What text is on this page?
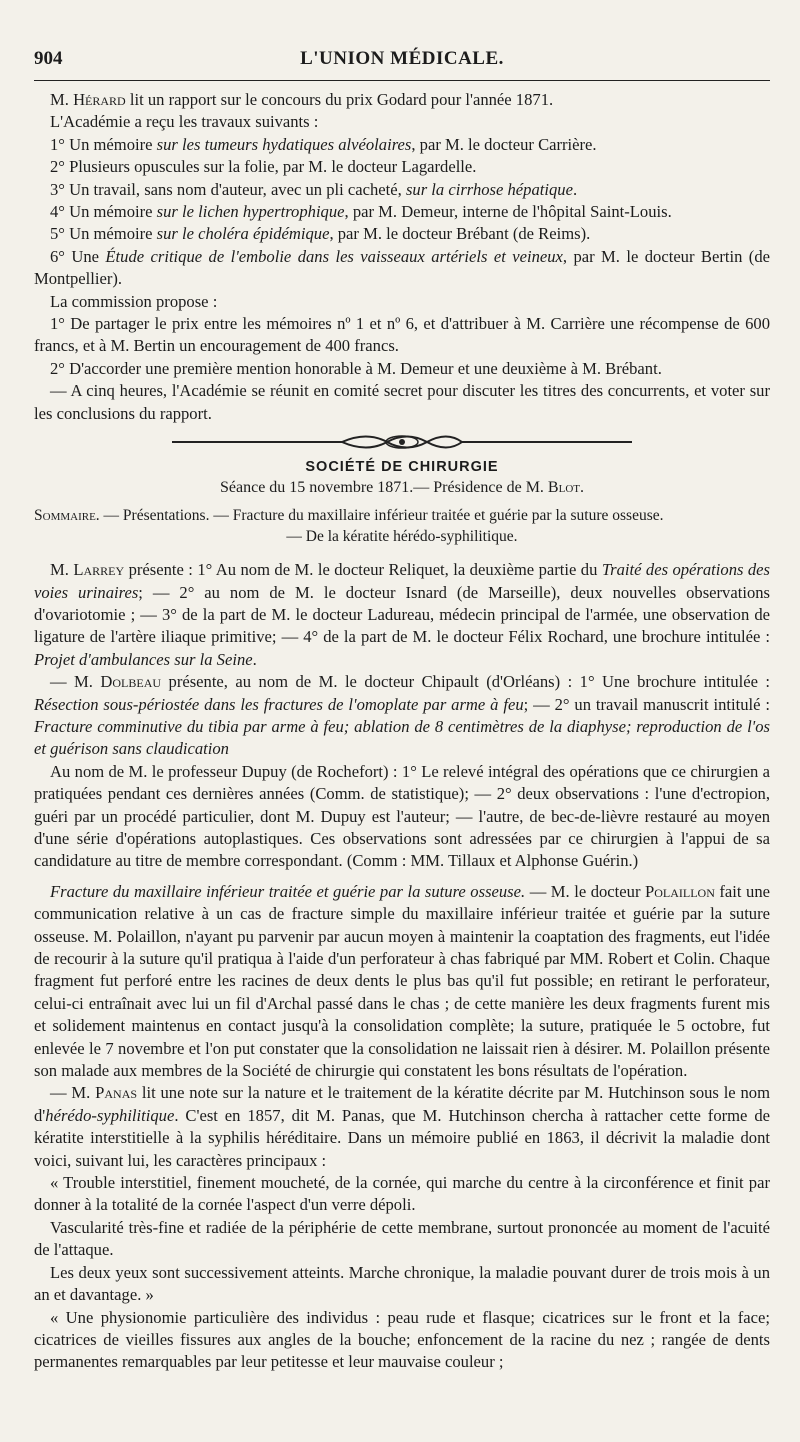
904	L'UNION MÉDICALE.

M. Hérard lit un rapport sur le concours du prix Godard pour l'année 1871.

L'Académie a reçu les travaux suivants :

1° Un mémoire sur les tumeurs hydatiques alvéolaires, par M. le docteur Carrière.

2° Plusieurs opuscules sur la folie, par M. le docteur Lagardelle.

3° Un travail, sans nom d'auteur, avec un pli cacheté, sur la cirrhose hépatique.

4° Un mémoire sur le lichen hypertrophique, par M. Demeur, interne de l'hôpital Saint-Louis.

5° Un mémoire sur le choléra épidémique, par M. le docteur Brébant (de Reims).

6° Une Étude critique de l'embolie dans les vaisseaux artériels et veineux, par M. le docteur Bertin (de Montpellier).

La commission propose :

1° De partager le prix entre les mémoires nº 1 et nº 6, et d'attribuer à M. Carrière une récompense de 600 francs, et à M. Bertin un encouragement de 400 francs.

2° D'accorder une première mention honorable à M. Demeur et une deuxième à M. Brébant.

— A cinq heures, l'Académie se réunit en comité secret pour discuter les titres des concurrents, et voter sur les conclusions du rapport.

SOCIÉTÉ DE CHIRURGIE
Séance du 15 novembre 1871.— Présidence de M. Blot.
Sommaire. — Présentations. — Fracture du maxillaire inférieur traitée et guérie par la suture osseuse.
— De la kératite hérédo-syphilitique.

M. Larrey présente : 1° Au nom de M. le docteur Reliquet, la deuxième partie du Traité des opérations des voies urinaires; — 2° au nom de M. le docteur Isnard (de Marseille), deux nouvelles observations d'ovariotomie ; — 3° de la part de M. le docteur Ladureau, médecin principal de l'armée, une observation de ligature de l'artère iliaque primitive; — 4° de la part de M. le docteur Félix Rochard, une brochure intitulée : Projet d'ambulances sur la Seine.

— M. Dolbeau présente, au nom de M. le docteur Chipault (d'Orléans) : 1° Une brochure intitulée : Résection sous-périostée dans les fractures de l'omoplate par arme à feu; — 2° un travail manuscrit intitulé : Fracture comminutive du tibia par arme à feu; ablation de 8 centimètres de la diaphyse; reproduction de l'os et guérison sans claudication

Au nom de M. le professeur Dupuy (de Rochefort) : 1° Le relevé intégral des opérations que ce chirurgien a pratiquées pendant ces dernières années (Comm. de statistique); — 2° deux observations : l'une d'ectropion, guéri par un procédé particulier, dont M. Dupuy est l'auteur; — l'autre, de bec-de-lièvre restauré au moyen d'une série d'opérations autoplastiques. Ces observations sont adressées par ce chirurgien à l'appui de sa candidature au titre de membre correspondant. (Comm : MM. Tillaux et Alphonse Guérin.)

Fracture du maxillaire inférieur traitée et guérie par la suture osseuse. — M. le docteur Polaillon fait une communication relative à un cas de fracture simple du maxillaire inférieur traitée et guérie par la suture osseuse. M. Polaillon, n'ayant pu parvenir par aucun moyen à maintenir la coaptation des fragments, eut l'idée de recourir à la suture qu'il pratiqua à l'aide d'un perforateur à chas fabriqué par MM. Robert et Colin. Chaque fragment fut perforé entre les racines de deux dents le plus bas qu'il fut possible; en retirant le perforateur, celui-ci entraînait avec lui un fil d'Archal passé dans le chas ; de cette manière les deux fragments furent mis et solidement maintenus en contact jusqu'à la consolidation complète; la suture, pratiquée le 5 octobre, fut enlevée le 7 novembre et l'on put constater que la consolidation ne laissait rien à désirer. M. Polaillon présente son malade aux membres de la Société de chirurgie qui constatent les bons résultats de l'opération.

— M. Panas lit une note sur la nature et le traitement de la kératite décrite par M. Hutchinson sous le nom d'hérédo-syphilitique. C'est en 1857, dit M. Panas, que M. Hutchinson chercha à rattacher cette forme de kératite interstitielle à la syphilis héréditaire. Dans un mémoire publié en 1863, il décrivit la maladie dont voici, suivant lui, les caractères principaux :

« Trouble interstitiel, finement moucheté, de la cornée, qui marche du centre à la circonférence et finit par donner à la totalité de la cornée l'aspect d'un verre dépoli.

Vascularité très-fine et radiée de la périphérie de cette membrane, surtout prononcée au moment de l'acuité de l'attaque.

Les deux yeux sont successivement atteints. Marche chronique, la maladie pouvant durer de trois mois à un an et davantage. »

« Une physionomie particulière des individus : peau rude et flasque; cicatrices sur le front et la face; cicatrices de vieilles fissures aux angles de la bouche; enfoncement de la racine du nez ; rangée de dents permanentes remarquables par leur petitesse et leur mauvaise couleur ;
